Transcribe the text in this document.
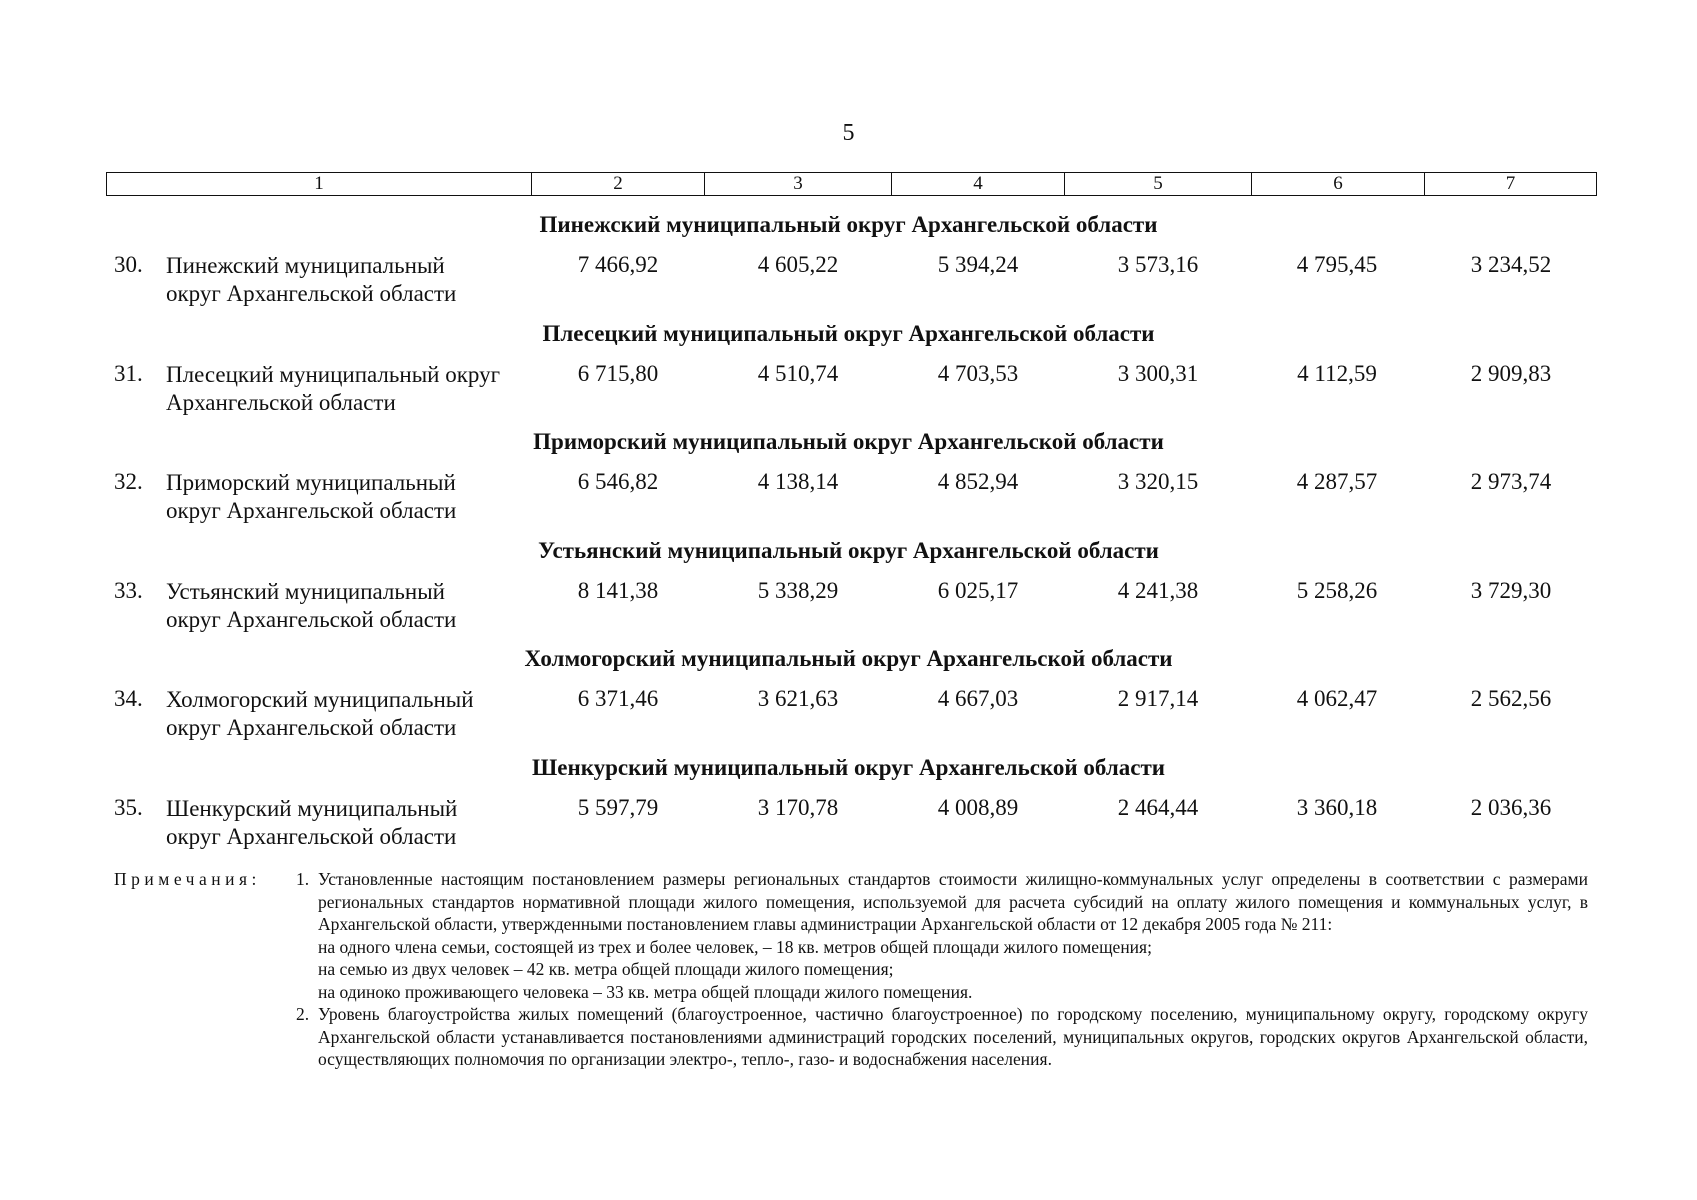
5
1	2	3	4	5	6	7
Пинежский муниципальный округ Архангельской области
30. Пинежский муниципальный
округ Архангельской области
7 466,92	4 605,22	5 394,24	3 573,16	4 795,45	3 234,52
Плесецкий муниципальный округ Архангельской области
31. Плесецкий муниципальный округ
Архангельской области
6 715,80	4 510,74	4 703,53	3 300,31	4 112,59	2 909,83
Приморский муниципальный округ Архангельской области
32. Приморский муниципальный
округ Архангельской области
6 546,82	4 138,14	4 852,94	3 320,15	4 287,57	2 973,74
Устьянский муниципальный округ Архангельской области
33. Устьянский муниципальный
округ Архангельской области
8 141,38	5 338,29	6 025,17	4 241,38	5 258,26	3 729,30
Холмогорский муниципальный округ Архангельской области
34. Холмогорский муниципальный
округ Архангельской области
6 371,46	3 621,63	4 667,03	2 917,14	4 062,47	2 562,56
Шенкурский муниципальный округ Архангельской области
35. Шенкурский муниципальный
округ Архангельской области
5 597,79	3 170,78	4 008,89	2 464,44	3 360,18	2 036,36
Примечания: 1. Установленные настоящим постановлением размеры региональных стандартов стоимости жилищно-коммунальных услуг определены в соответствии с размерами региональных стандартов нормативной площади жилого помещения, используемой для расчета субсидий на оплату жилого помещения и коммунальных услуг, в Архангельской области, утвержденными постановлением главы администрации Архангельской области от 12 декабря 2005 года № 211:
на одного члена семьи, состоящей из трех и более человек, – 18 кв. метров общей площади жилого помещения;
на семью из двух человек – 42 кв. метра общей площади жилого помещения;
на одиноко проживающего человека – 33 кв. метра общей площади жилого помещения.
2. Уровень благоустройства жилых помещений (благоустроенное, частично благоустроенное) по городскому поселению, муниципальному округу, городскому округу Архангельской области устанавливается постановлениями администраций городских поселений, муниципальных округов, городских округов Архангельской области, осуществляющих полномочия по организации электро-, тепло-, газо- и водоснабжения населения.
